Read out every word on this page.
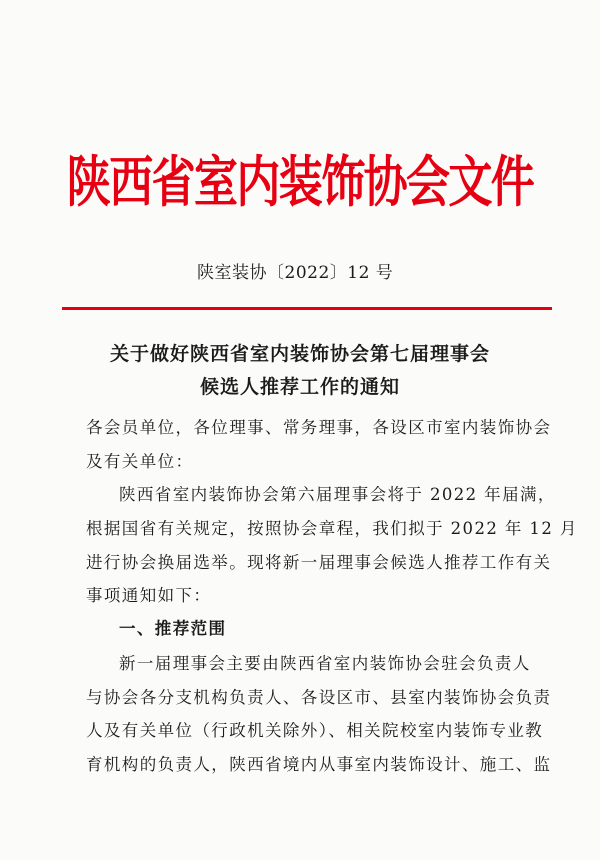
陕西省室内装饰协会文件
陕室装协〔2022〕12 号
关于做好陕西省室内装饰协会第七届理事会
候选人推荐工作的通知
各会员单位，各位理事、常务理事，各设区市室内装饰协会
及有关单位：
陕西省室内装饰协会第六届理事会将于 2022 年届满，
根据国省有关规定，按照协会章程，我们拟于 2022 年 12 月
进行协会换届选举。现将新一届理事会候选人推荐工作有关
事项通知如下：
一、推荐范围
新一届理事会主要由陕西省室内装饰协会驻会负责人
与协会各分支机构负责人、各设区市、县室内装饰协会负责
人及有关单位（行政机关除外）、相关院校室内装饰专业教
育机构的负责人，陕西省境内从事室内装饰设计、施工、监
